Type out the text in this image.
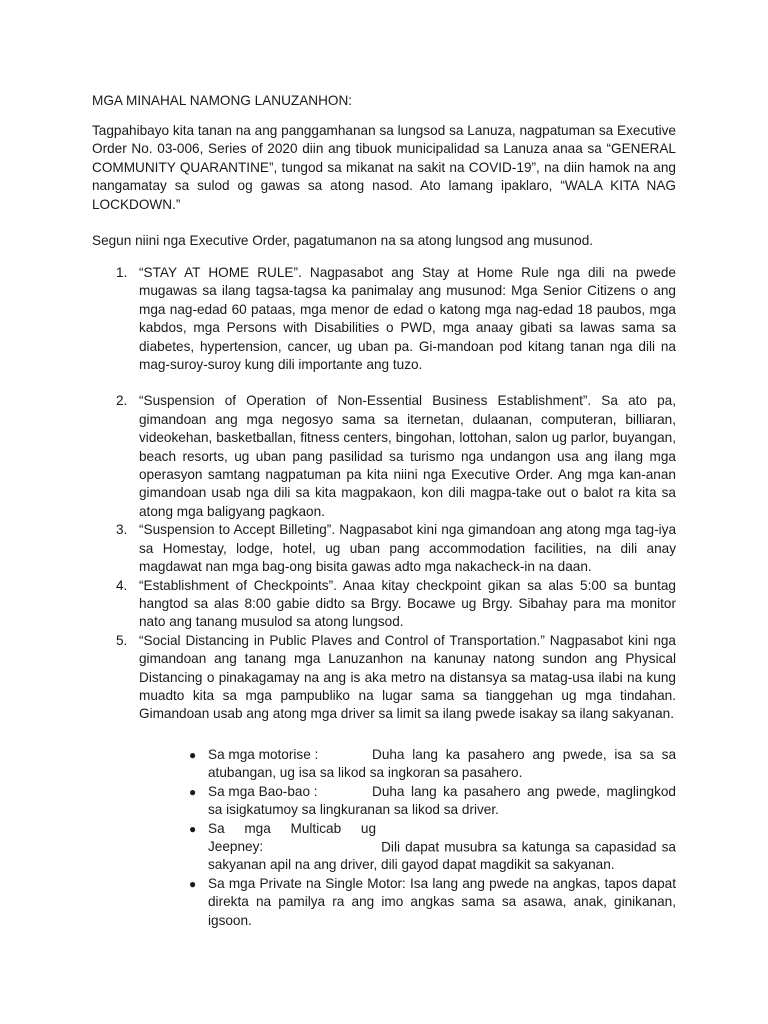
MGA MINAHAL NAMONG LANUZANHON:
Tagpahibayo kita tanan na ang panggamhanan sa lungsod sa Lanuza, nagpatuman sa Executive Order No. 03-006, Series of 2020 diin ang tibuok municipalidad sa Lanuza anaa sa “GENERAL COMMUNITY QUARANTINE”, tungod sa mikanat na sakit na COVID-19”, na diin hamok na ang nangamatay sa sulod og gawas sa atong nasod. Ato lamang ipaklaro, “WALA KITA NAG LOCKDOWN.”
Segun niini nga Executive Order, pagatumanon na sa atong lungsod ang musunod.
1. “STAY AT HOME RULE”. Nagpasabot ang Stay at Home Rule nga dili na pwede mugawas sa ilang tagsa-tagsa ka panimalay ang musunod: Mga Senior Citizens o ang mga nag-edad 60 pataas, mga menor de edad o katong mga nag-edad 18 paubos, mga kabdos, mga Persons with Disabilities o PWD, mga anaay gibati sa lawas sama sa diabetes, hypertension, cancer, ug uban pa. Gi-mandoan pod kitang tanan nga dili na mag-suroy-suroy kung dili importante ang tuzo.
2. “Suspension of Operation of Non-Essential Business Establishment”. Sa ato pa, gimandoan ang mga negosyo sama sa iternetan, dulaanan, computeran, billiaran, videokehan, basketballan, fitness centers, bingohan, lottohan, salon ug parlor, buyangan, beach resorts, ug uban pang pasilidad sa turismo nga undangon usa ang ilang mga operasyon samtang nagpatuman pa kita niini nga Executive Order. Ang mga kan-anan gimandoan usab nga dili sa kita magpakaon, kon dili magpa-take out o balot ra kita sa atong mga baligyang pagkaon.
3. “Suspension to Accept Billeting”. Nagpasabot kini nga gimandoan ang atong mga tag-iya sa Homestay, lodge, hotel, ug uban pang accommodation facilities, na dili anay magdawat nan mga bag-ong bisita gawas adto mga nakacheck-in na daan.
4. “Establishment of Checkpoints”. Anaa kitay checkpoint gikan sa alas 5:00 sa buntag hangtod sa alas 8:00 gabie didto sa Brgy. Bocawe ug Brgy. Sibahay para ma monitor nato ang tanang musulod sa atong lungsod.
5. “Social Distancing in Public Plaves and Control of Transportation.” Nagpasabot kini nga gimandoan ang tanang mga Lanuzanhon na kanunay natong sundon ang Physical Distancing o pinakagamay na ang is aka metro na distansya sa matag-usa ilabi na kung muadto kita sa mga pampubliko na lugar sama sa tianggehan ug mga tindahan. Gimandoan usab ang atong mga driver sa limit sa ilang pwede isakay sa ilang sakyanan.
● Sa mga motorise :	Duha lang ka pasahero ang pwede, isa sa sa atubangan, ug isa sa likod sa ingkoran sa pasahero.
● Sa mga Bao-bao :	Duha lang ka pasahero ang pwede, maglingkod sa isigkatumoy sa lingkuranan sa likod sa driver.
● Sa mga Multicab ug Jeepney:	Dili dapat musubra sa katunga sa capasidad sa sakyanan apil na ang driver, dili gayod dapat magdikit sa sakyanan.
● Sa mga Private na Single Motor: Isa lang ang pwede na angkas, tapos dapat direkta na pamilya ra ang imo angkas sama sa asawa, anak, ginikanan, igsoon.
